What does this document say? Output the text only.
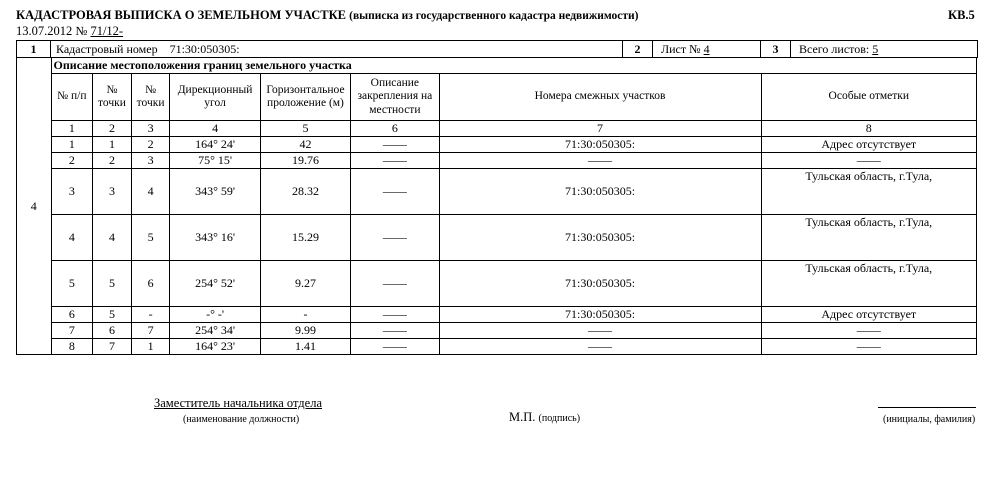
КАДАСТРОВАЯ ВЫПИСКА О ЗЕМЕЛЬНОМ УЧАСТКЕ (выписка из государственного кадастра недвижимости)	КВ.5
13.07.2012 № 71/12-
1	Кадастровый номер 71:30:050305:	2	Лист № 4	3	Всего листов: 5
4	Описание местоположения границ земельного участка							
	№ п/п	№ точки	№ точки	Дирекционный угол	Горизонтальное проложение (м)	Описание закрепления на местности	Номера смежных участков	Особые отметки
	1	2	3	4	5	6	7	8
	1	1	2	164° 24'	42	——	71:30:050305:	Адрес отсутствует
	2	2	3	75° 15'	19.76	——	——	——
	3	3	4	343° 59'	28.32	——	71:30:050305:	Тульская область, г.Тула,
	4	4	5	343° 16'	15.29	——	71:30:050305:	Тульская область, г.Тула,
	5	5	6	254° 52'	9.27	——	71:30:050305:	Тульская область, г.Тула,
	6	5	-	-° -'	-	——	71:30:050305:	Адрес отсутствует
	7	6	7	254° 34'	9.99	——	——	——
	8	7	1	164° 23'	1.41	——	——	——
Заместитель начальника отдела
(наименование должности)	М.П. (подпись)	(инициалы, фамилия)
